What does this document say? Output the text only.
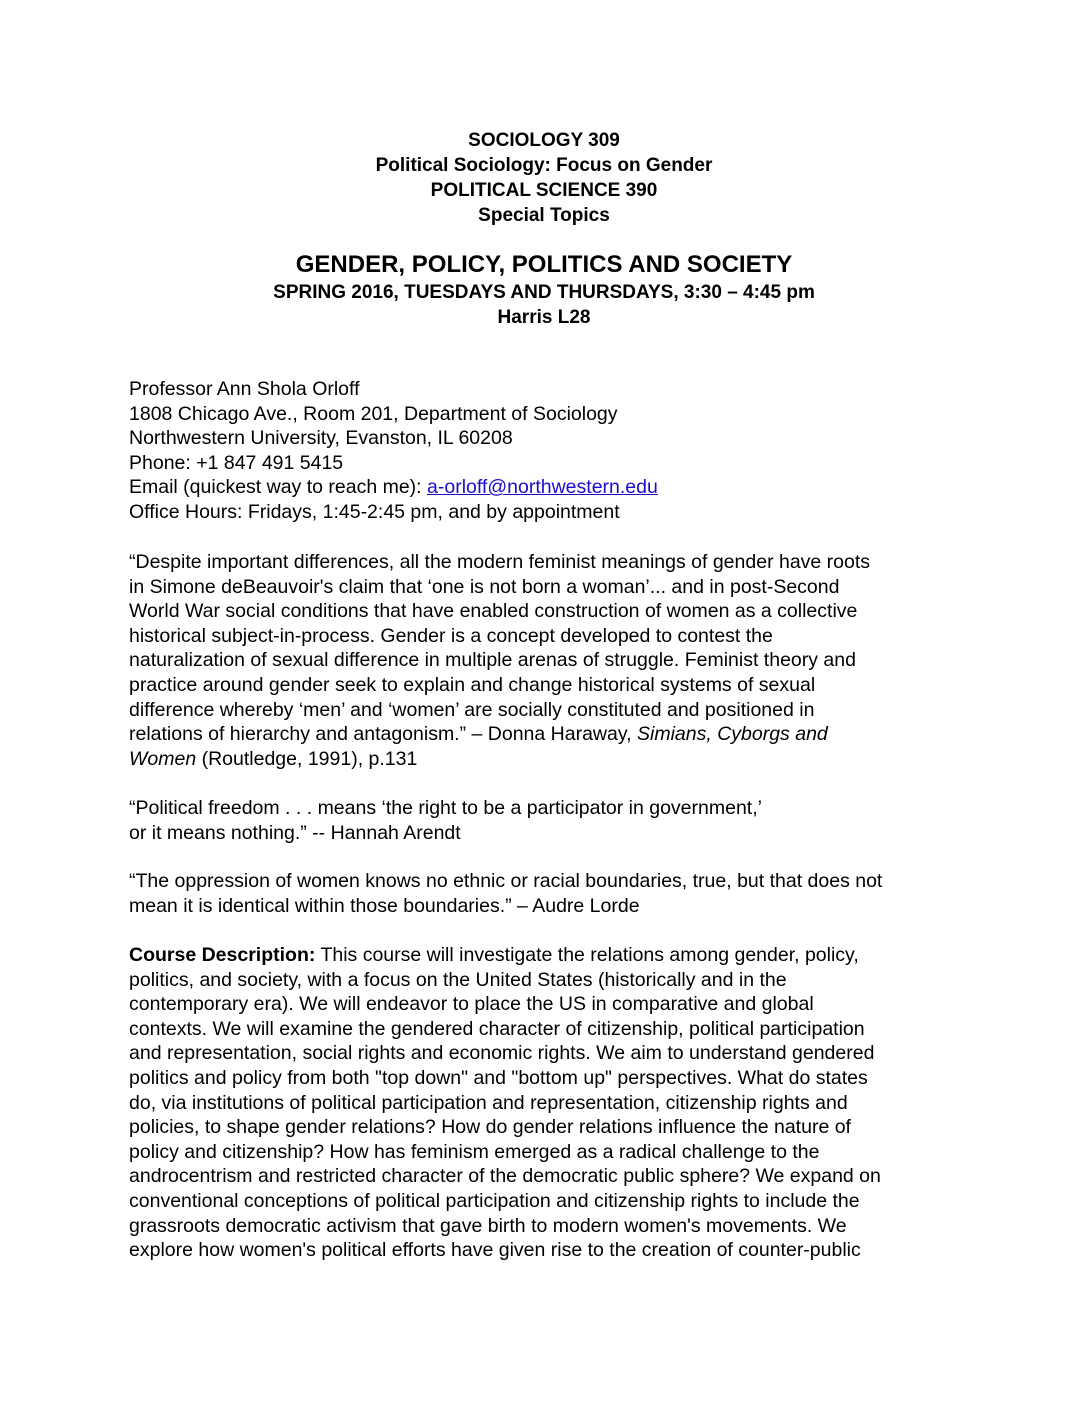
SOCIOLOGY 309
Political Sociology: Focus on Gender
POLITICAL SCIENCE 390
Special Topics
GENDER, POLICY, POLITICS AND SOCIETY
SPRING 2016, TUESDAYS AND THURSDAYS, 3:30 – 4:45 pm
Harris L28
Professor Ann Shola Orloff
1808 Chicago Ave., Room 201, Department of Sociology
Northwestern University, Evanston, IL 60208
Phone: +1 847 491 5415
Email (quickest way to reach me): a-orloff@northwestern.edu
Office Hours: Fridays, 1:45-2:45 pm, and by appointment
“Despite important differences, all the modern feminist meanings of gender have roots
in Simone deBeauvoir's claim that ‘one is not born a woman’... and in post-Second
World War social conditions that have enabled construction of women as a collective
historical subject-in-process. Gender is a concept developed to contest the
naturalization of sexual difference in multiple arenas of struggle. Feminist theory and
practice around gender seek to explain and change historical systems of sexual
difference whereby ‘men’ and ‘women’ are socially constituted and positioned in
relations of hierarchy and antagonism.” – Donna Haraway, Simians, Cyborgs and
Women (Routledge, 1991), p.131
“Political freedom . . . means ‘the right to be a participator in government,’
or it means nothing.” -- Hannah Arendt
“The oppression of women knows no ethnic or racial boundaries, true, but that does not
mean it is identical within those boundaries.” – Audre Lorde
Course Description: This course will investigate the relations among gender, policy,
politics, and society, with a focus on the United States (historically and in the
contemporary era). We will endeavor to place the US in comparative and global
contexts. We will examine the gendered character of citizenship, political participation
and representation, social rights and economic rights. We aim to understand gendered
politics and policy from both "top down" and "bottom up" perspectives. What do states
do, via institutions of political participation and representation, citizenship rights and
policies, to shape gender relations? How do gender relations influence the nature of
policy and citizenship? How has feminism emerged as a radical challenge to the
androcentrism and restricted character of the democratic public sphere? We expand on
conventional conceptions of political participation and citizenship rights to include the
grassroots democratic activism that gave birth to modern women's movements. We
explore how women's political efforts have given rise to the creation of counter-public
